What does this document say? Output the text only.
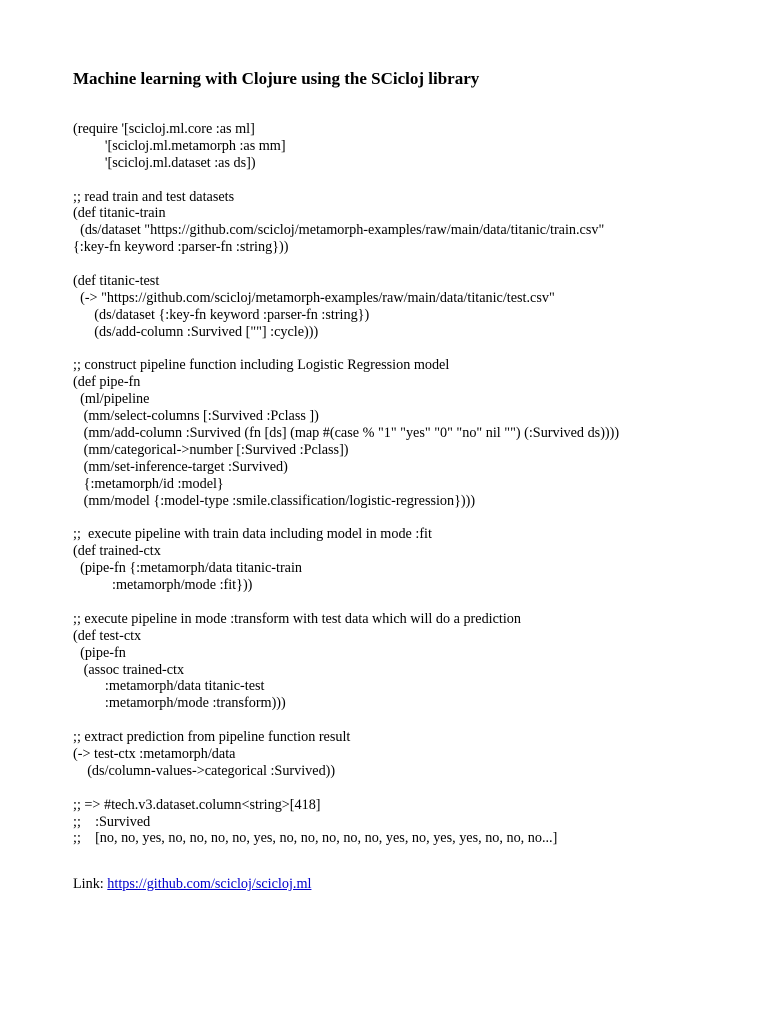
Machine learning with Clojure using the SCicloj library
(require '[scicloj.ml.core :as ml]
'[scicloj.ml.metamorph :as mm]
'[scicloj.ml.dataset :as ds])
;; read train and test datasets
(def titanic-train
(ds/dataset "https://github.com/scicloj/metamorph-examples/raw/main/data/titanic/train.csv"
{:key-fn keyword :parser-fn :string}))
(def titanic-test
(-> "https://github.com/scicloj/metamorph-examples/raw/main/data/titanic/test.csv"
(ds/dataset {:key-fn keyword :parser-fn :string})
(ds/add-column :Survived [""] :cycle)))
;; construct pipeline function including Logistic Regression model
(def pipe-fn
(ml/pipeline
(mm/select-columns [:Survived :Pclass ])
(mm/add-column :Survived (fn [ds] (map #(case % "1" "yes" "0" "no" nil "") (:Survived ds))))
(mm/categorical->number [:Survived :Pclass])
(mm/set-inference-target :Survived)
{:metamorph/id :model}
(mm/model {:model-type :smile.classification/logistic-regression})))
;;  execute pipeline with train data including model in mode :fit
(def trained-ctx
(pipe-fn {:metamorph/data titanic-train
:metamorph/mode :fit}))
;; execute pipeline in mode :transform with test data which will do a prediction
(def test-ctx
(pipe-fn
(assoc trained-ctx
:metamorph/data titanic-test
:metamorph/mode :transform)))
;; extract prediction from pipeline function result
(-> test-ctx :metamorph/data
(ds/column-values->categorical :Survived))
;; => #tech.v3.dataset.column<string>[418]
;;    :Survived
;;    [no, no, yes, no, no, no, no, yes, no, no, no, no, no, yes, no, yes, yes, no, no, no...]
Link: https://github.com/scicloj/scicloj.ml
